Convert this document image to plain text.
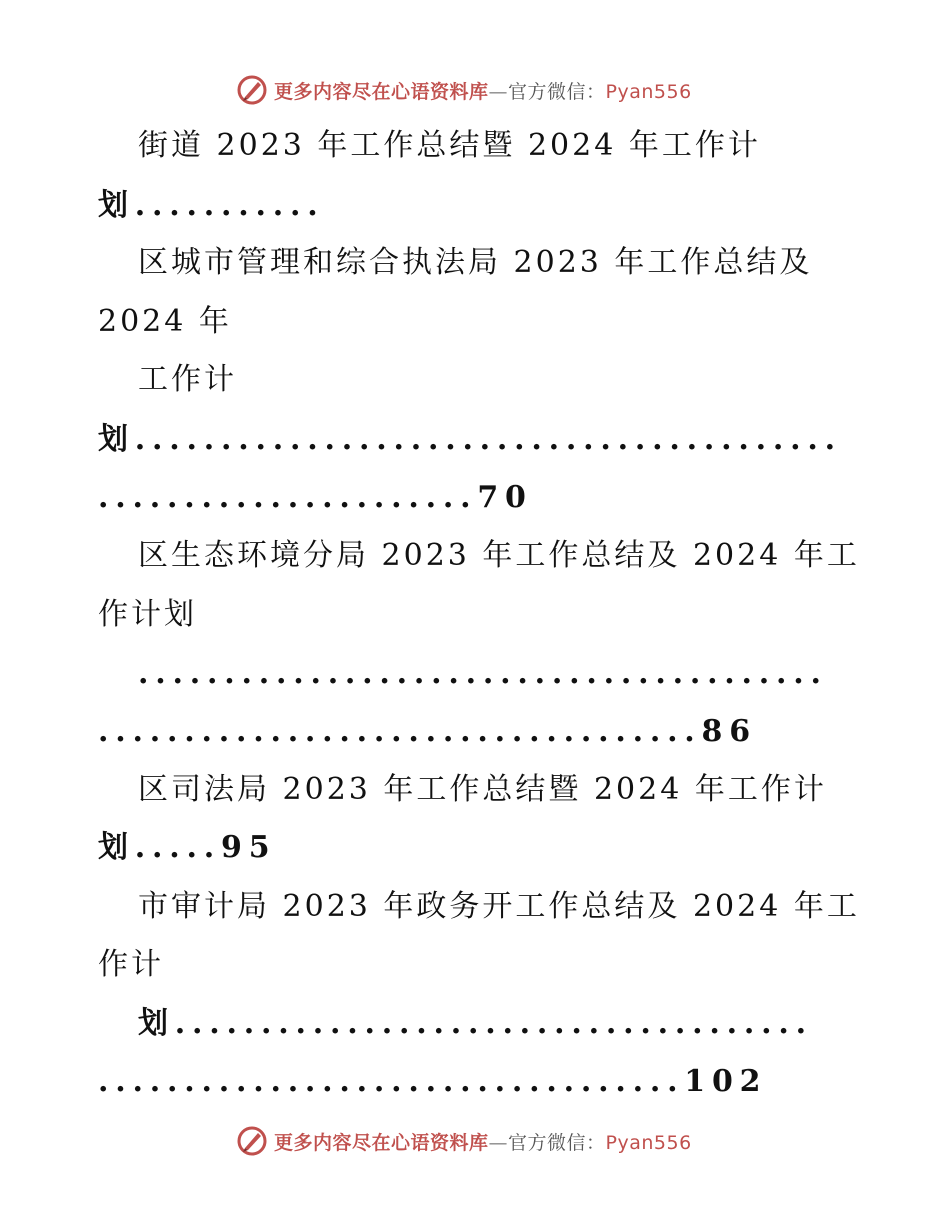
更多内容尽在心语资料库—官方微信：Pyan556
街道 2023 年工作总结暨 2024 年工作计
划...........
区城市管理和综合执法局 2023 年工作总结及
2024 年
工作计
划.........................................
......................70
区生态环境分局 2023 年工作总结及 2024 年工
作计划
........................................
...................................86
区司法局 2023 年工作总结暨 2024 年工作计
划.....95
市审计局 2023 年政务开工作总结及 2024 年工
作计
划.....................................
..................................102
更多内容尽在心语资料库—官方微信：Pyan556
